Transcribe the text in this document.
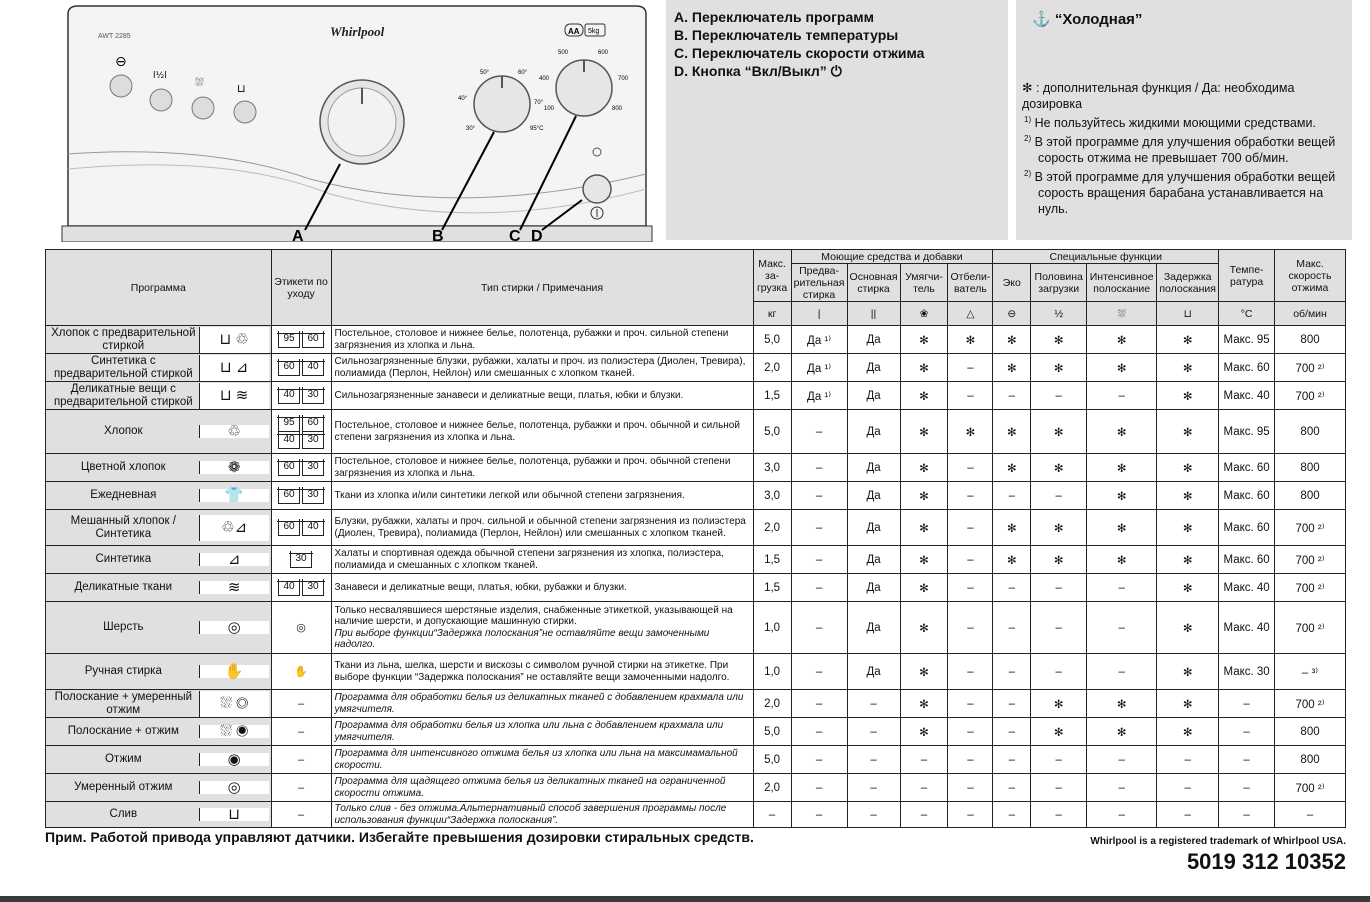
AWT 2285	Whirlpool	AA 5kg
⊖
l½l	⛆	⊔
50°	60°
40°
70°
30°	95°C
500	600
400	700
100	800
A	B	C D
A. Переключатель программ
B. Переключатель температуры
C. Переключатель скорости отжима
D. Кнопка “Вкл/Выкл” ⏻
⚓ “Холодная”
✻ : дополнительная функция / Да: необходима дозировка
$^{1)}$ Не пользуйтесь жидкими моющими средствами.
$^{2)}$ В этой программе для улучшения обработки вещей сорость отжима не превышает 700 об/мин.
$^{2)}$ В этой программе для улучшения обработки вещей сорость вращения барабана устанавливается на нуль.
Программа	Этикети по уходу	Тип стирки / Примечания	Макс. за-грузка	Моющие средства и добавки				Специальные функции				Темпе-ратура	Макс. скорость отжима
				Предва-рительная стирка	Основная стирка	Умягчи-тель	Отбели-ватель	Эко	Половина загрузки	Интенсивное полоскание	Задержка полоскания		
			кг	|	||	❀	△	⊖	½	⛆	⊔	°C	об/мин

Хлопок с предварительной стиркой ⊔ ♲	95 60	Постельное, столовое и нижнее белье, полотенца, рубажки и проч. сильной степени загрязнения из хлопка и льна.	5,0	Да ¹⁾	Да	✻	✻	✻	✻	✻	✻	Макс. 95	800

Синтетика с предварительной стиркой ⊔ ⊿	60 40	Сильнозагрязненные блузки, рубажки, халаты и проч. из полиэстера (Диолен, Тревира), полиамида (Перлон, Нейлон) или смешанных с хлопком тканей.	2,0	Да ¹⁾	Да	✻	–	✻	✻	✻	✻	Макс. 60	700 ²⁾

Деликатные вещи с предварительной стиркой ⊔ ≋	40 30	Сильнозагрязненные занавеси и деликатные вещи, платья, юбки и блузки.	1,5	Да ¹⁾	Да	✻	–	–	–	–	✻	Макс. 40	700 ²⁾

Хлопок ♲	95 6040 30	Постельное, столовое и нижнее белье, полотенца, рубажки и проч. обычной и сильной степени загрязнения из хлопка и льна.	5,0	–	Да	✻	✻	✻	✻	✻	✻	Макс. 95	800

Цветной хлопок ❁	60 30	Постельное, столовое и нижнее белье, полотенца, рубажки и проч. обычной степени загрязнения из хлопка и льна.	3,0	–	Да	✻	–	✻	✻	✻	✻	Макс. 60	800

Ежедневная 👕	60 30	Ткани из хлопка и/или синтетики легкой или обычной степени загрязнения.	3,0	–	Да	✻	–	–	–	✻	✻	Макс. 60	800

Мешанный хлопок / Синтетика ♲⊿	60 40	Блузки, рубажки, халаты и проч. сильной и обычной степени загрязнения из полиэстера (Диолен, Тревира), полиамида (Перлон, Нейлон) или смешанных с хлопком тканей.	2,0	–	Да	✻	–	✻	✻	✻	✻	Макс. 60	700 ²⁾

Синтетика ⊿	30	Халаты и спортивная одежда обычной степени загрязнения из хлопка, полиэстера, полиамида и смешанных с хлопком тканей.	1,5	–	Да	✻	–	✻	✻	✻	✻	Макс. 60	700 ²⁾

Деликатные ткани ≋	40 30	Занавеси и деликатные вещи, платья, юбки, рубажки и блузки.	1,5	–	Да	✻	–	–	–	–	✻	Макс. 40	700 ²⁾

Шерсть ◎	◎	Только несвалявшиеся шерстяные изделия, снабженные этикеткой, указывающей на наличие шерсти, и допускающие машинную стирки.
При выборе функции“Задержка полоскания”не оставляйте вещи замоченными надолго.	1,0	–	Да	✻	–	–	–	–	✻	Макс. 40	700 ²⁾

Ручная стирка ✋	✋	Ткани из льна, шелка, шерсти и вискозы с символом ручной стирки на этикетке. При выборе функции “Задержка полоскания” не оставляйте вещи замоченными надолго.	1,0	–	Да	✻	–	–	–	–	✻	Макс. 30	– ³⁾

Полоскание + умеренный отжим ⛆ ◎	–	Программа для обработки белья из деликатных тканей с добавлением крахмала или умягчителя.	2,0	–	–	✻	–	–	✻	✻	✻	–	700 ²⁾

Полоскание + отжим ⛆ ◉	–	Программа для обработки белья из хлопка или льна с добавлением крахмала или умягчителя.	5,0	–	–	✻	–	–	✻	✻	✻	–	800

Отжим ◉	–	Программа для интенсивного отжима белья из хлопка или льна на максимамальной скорости.	5,0	–	–	–	–	–	–	–	–	–	800

Умеренный отжим ◎	–	Программа для щадящего отжима белья из деликатных тканей на ограниченной скорости отжима.	2,0	–	–	–	–	–	–	–	–	–	700 ²⁾

Слив ⊔	–	Только слив - без отжима.Альтернативный способ завершения программы после использования функции“Задержка полоскания”.	–	–	–	–	–	–	–	–	–	–	–
Прим. Работой привода управляют датчики. Избегайте превышения дозировки стиральных средств.	Whirlpool is a registered trademark of Whirlpool USA.
5019 312 10352
